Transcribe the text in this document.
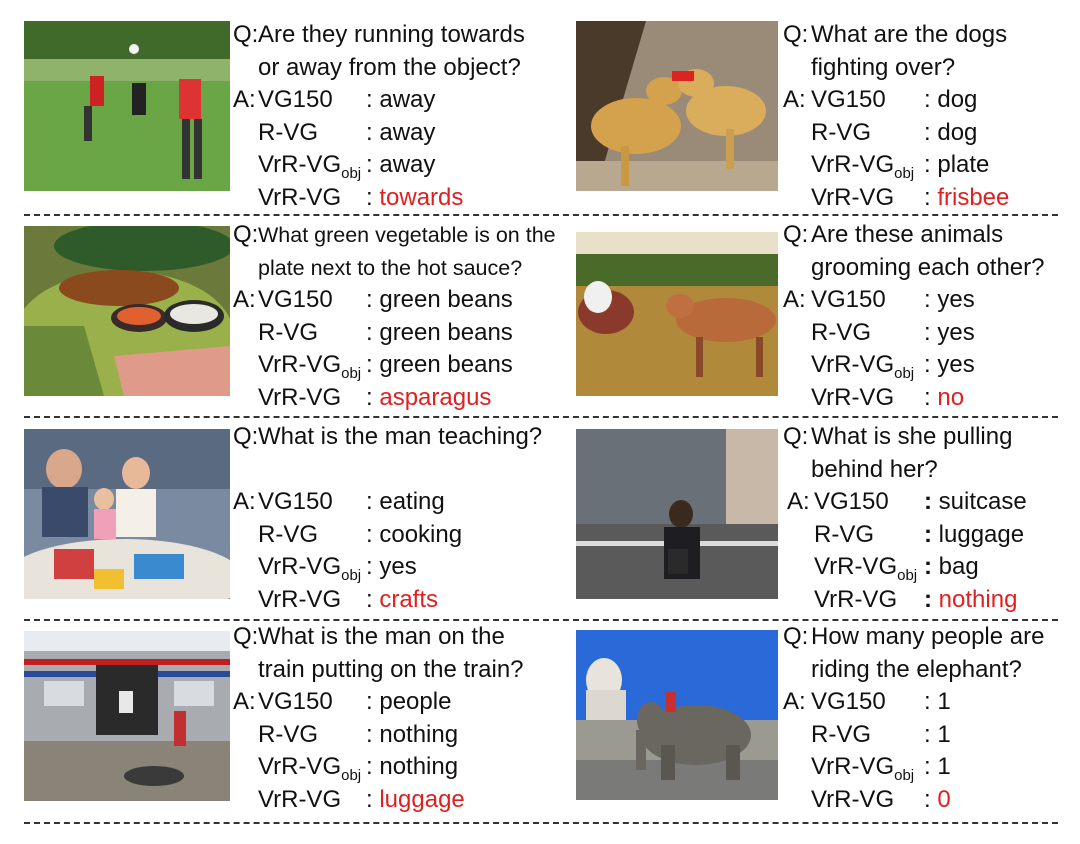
Q: Are they running towards
or away from the object?
A: VG150 : away
R-VG : away
VrR-$VG_{obj}$ : away
VrR-VG : towards
Q: What are the dogs
fighting over?
A: VG150 : dog
R-VG : dog
VrR-$VG_{obj}$ : plate
VrR-VG : frisbee
Q: What green vegetable is on the
plate next to the hot sauce?
A: VG150 : green beans
R-VG : green beans
VrR-$VG_{obj}$ : green beans
VrR-VG : asparagus
Q: Are these animals
grooming each other?
A: VG150 : yes
R-VG : yes
VrR-$VG_{obj}$ : yes
VrR-VG : no
Q: What is the man teaching?
A: VG150 : eating
R-VG : cooking
VrR-$VG_{obj}$ : yes
VrR-VG : crafts
Q: What is she pulling
behind her?
A: VG150 : suitcase
R-VG : luggage
VrR-$VG_{obj}$ : bag
VrR-VG : nothing
Q: What is the man on the
train putting on the train?
A: VG150 : people
R-VG : nothing
VrR-$VG_{obj}$ : nothing
VrR-VG : luggage
Q: How many people are
riding the elephant?
A: VG150 : 1
R-VG : 1
VrR-$VG_{obj}$ : 1
VrR-VG : 0
